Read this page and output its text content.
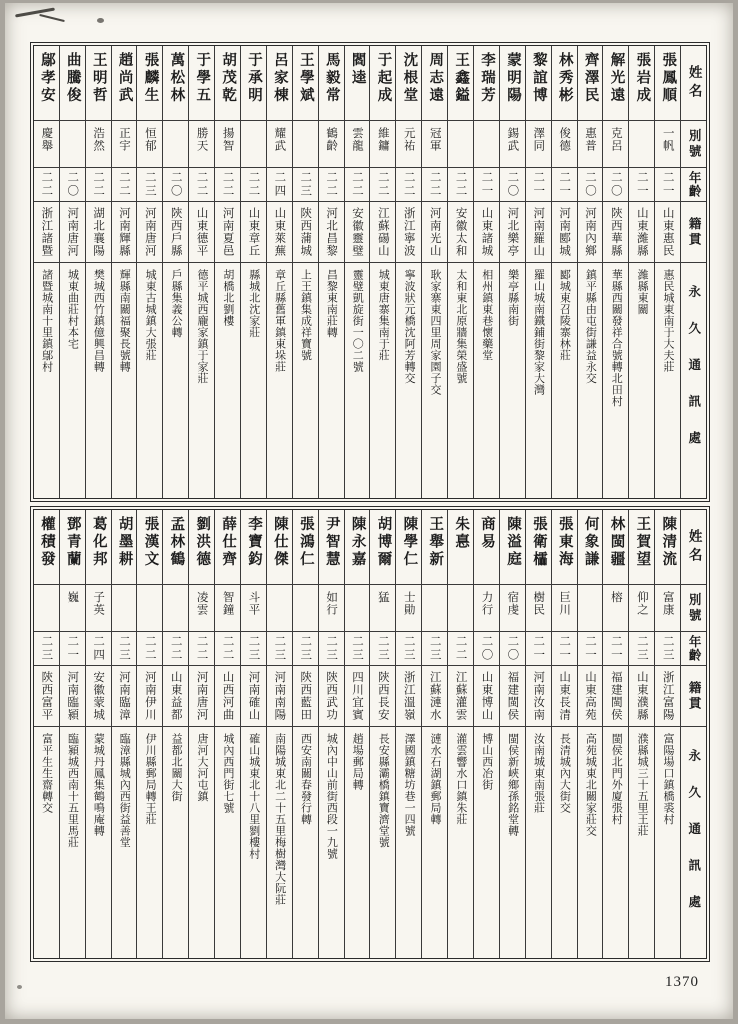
姓名
別號
年齡
籍貫
永久通訊處
張鳳順
一帆
二一
山東惠民
惠民城東南于大夫莊
張岩成
二一
山東濰縣
濰縣東關
解光遠
克呂
二〇
陝西華縣
華縣西關發祥合號轉北田村
齊澤民
惠普
二〇
河南內鄉
鎮平縣由屯街謙益永交
林秀彬
俊德
二一
河南郾城
郾城東召陵寨林莊
黎誼博
澤同
二一
河南羅山
羅山城南鐵鋪街黎家大灣
蒙明陽
錫武
二〇
河北樂亭
樂亭縣南街
李瑞芳
二一
山東諸城
相州鎮東巷懷藥堂
王鑫鎰
二二
安徽太和
太和東北原牆集榮盛號
周志遠
冠軍
二二
河南光山
耿家寨東四里周家園子交
沈根堂
元祐
二二
浙江寧波
寧波狀元橋沈阿芳轉交
于起成
維鏞
二二
江蘇碭山
城東唐寨集南于莊
閻逵
雲龍
二二
安徽靈璧
靈璧凱旋街一〇二號
馬毅常
鶴齡
二二
河北昌黎
昌黎東南莊轉
王學斌
二三
陝西蒲城
上王鎮集成祥寶號
呂家棟
耀武
二四
山東萊蕪
章丘縣舊軍鎮東垛莊
于承明
二二
山東章丘
縣城北沈家莊
胡茂乾
揚智
二二
河南夏邑
胡橋北劉樓
于學五
勝天
二二
山東德平
德平城西龐家鎮于家莊
萬松林
二〇
陝西戶縣
戶縣集義公轉
張麟生
恒郁
二三
河南唐河
城東古城鎮大張莊
趙尚武
正宇
二二
河南輝縣
輝縣南關福聚長號轉
王明哲
浩然
二二
湖北襄陽
樊城西竹鎮億興昌轉
曲騰俊
二〇
河南唐河
城東曲莊村本宅
鄔孝安
慶舉
二二
浙江諸暨
諸暨城南十里鎮鄔村
姓名
別號
年齡
籍貫
永久通訊處
陳清流
富康
二三
浙江富陽
富陽場口鎮橋裘村
王賀望
仰之
二三
山東濮縣
濮縣城三十五里王莊
林閩疆
榕
二一
福建閩侯
閩侯北門外廈張村
何象謙
二一
山東高苑
高苑城東北關家莊交
張東海
巨川
二一
山東長清
長清城內大街交
張衛櫺
樹民
二一
河南汝南
汝南城東南張莊
陳溢庭
宿虔
二〇
福建閩侯
閩侯新峽鄉孫銘堂轉
商易
力行
二〇
山東博山
博山西冶街
朱惪
二二
江蘇灌雲
灌雲響水口鎮朱莊
王舉新
二三
江蘇漣水
漣水石湖鎮郵局轉
陳學仁
士勛
二三
浙江溫嶺
澤國鎮糖坊巷一四號
胡博爾
猛
二三
陝西長安
長安縣灞橋鎮寶濟堂號
陳永嘉
二三
四川宜賓
趙場郵局轉
尹智慧
如行
二三
陝西武功
城內中山前街西段一九號
張鴻仁
二三
陝西藍田
西安南關春發行轉
陳仕傑
二三
河南南陽
南陽城東北二十五里梅樹灣大阮莊
李寶鈞
斗平
二三
河南確山
確山城東北十八里劉樓村
薛仕齊
智鐘
二二
山西河曲
城內西門街七號
劉洪德
凌雲
二二
河南唐河
唐河大河屯鎮
孟林鶴
二二
山東益都
益都北關大街
張漢文
二二
河南伊川
伊川縣郵局轉王莊
胡墨耕
二三
河南臨漳
臨漳縣城內西街益善堂
葛化邦
子英
二四
安徽蒙城
蒙城丹鳳集鶴鳴庵轉
鄧青蘭
巍
二一
河南臨潁
臨潁城西南十五里馬莊
權積發
二三
陝西富平
富平生生齋轉交
1370
